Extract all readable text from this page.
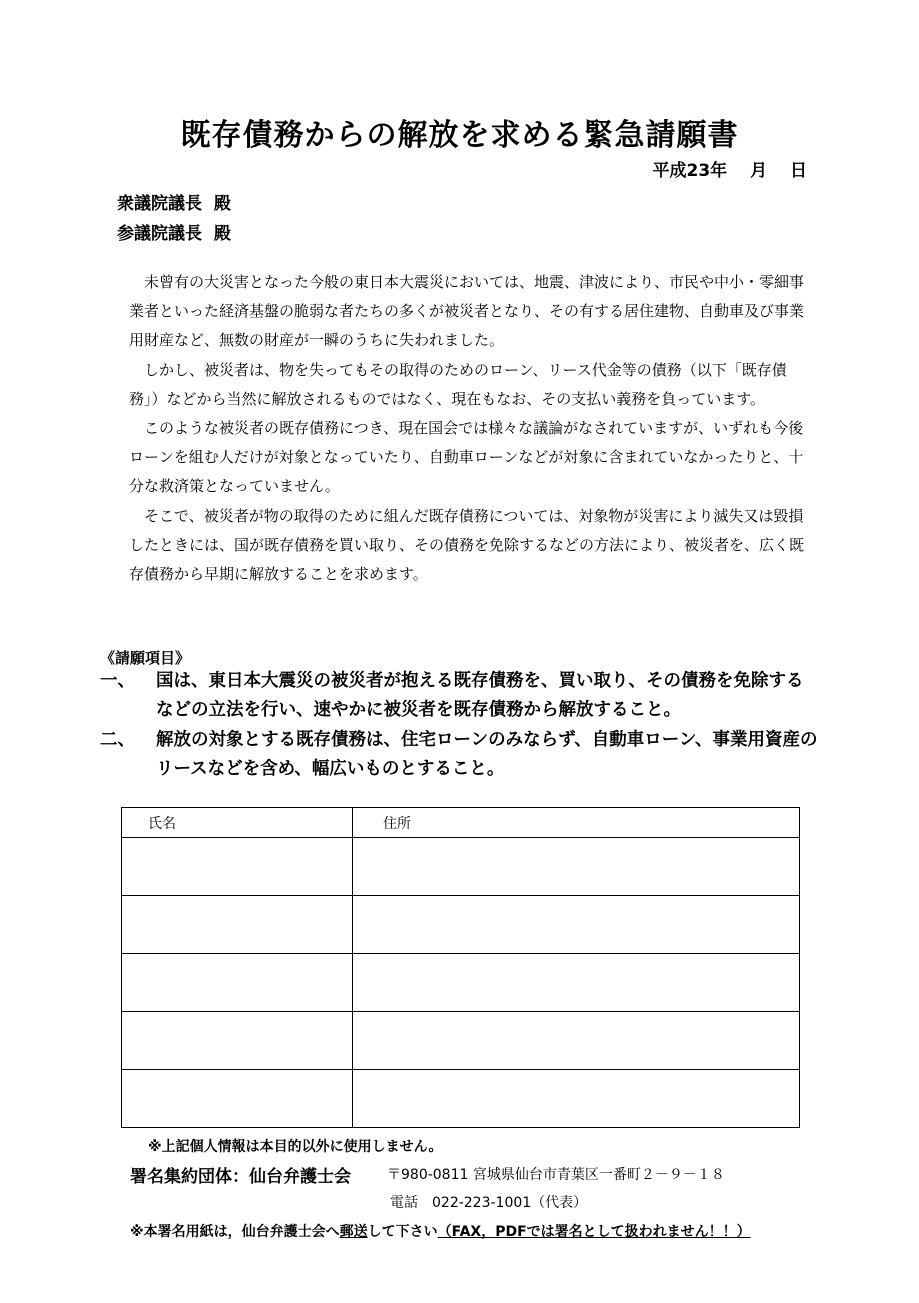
既存債務からの解放を求める緊急請願書
平成23年　 月　 日
衆議院議長  殿
参議院議長  殿

未曾有の大災害となった今般の東日本大震災においては、地震、津波により、市民や中小・零細事業者といった経済基盤の脆弱な者たちの多くが被災者となり、その有する居住建物、自動車及び事業用財産など、無数の財産が一瞬のうちに失われました。

しかし、被災者は、物を失ってもその取得のためのローン、リース代金等の債務（以下「既存債務」）などから当然に解放されるものではなく、現在もなお、その支払い義務を負っています。

このような被災者の既存債務につき、現在国会では様々な議論がなされていますが、いずれも今後ローンを組む人だけが対象となっていたり、自動車ローンなどが対象に含まれていなかったりと、十分な救済策となっていません。

そこで、被災者が物の取得のために組んだ既存債務については、対象物が災害により滅失又は毀損したときには、国が既存債務を買い取り、その債務を免除するなどの方法により、被災者を、広く既存債務から早期に解放することを求めます。

《請願項目》
一、 国は、東日本大震災の被災者が抱える既存債務を、買い取り、その債務を免除するなどの立法を行い、速やかに被災者を既存債務から解放すること。
二、 解放の対象とする既存債務は、住宅ローンのみならず、自動車ローン、事業用資産のリースなどを含め、幅広いものとすること。
氏名	住所

※上記個人情報は本目的以外に使用しません。
署名集約団体：仙台弁護士会	〒980-0811 宮城県仙台市青葉区一番町２－９－１８
電話　022-223-1001（代表）
※本署名用紙は，仙台弁護士会へ郵送して下さい（FAX，PDFでは署名として扱われません！！）
